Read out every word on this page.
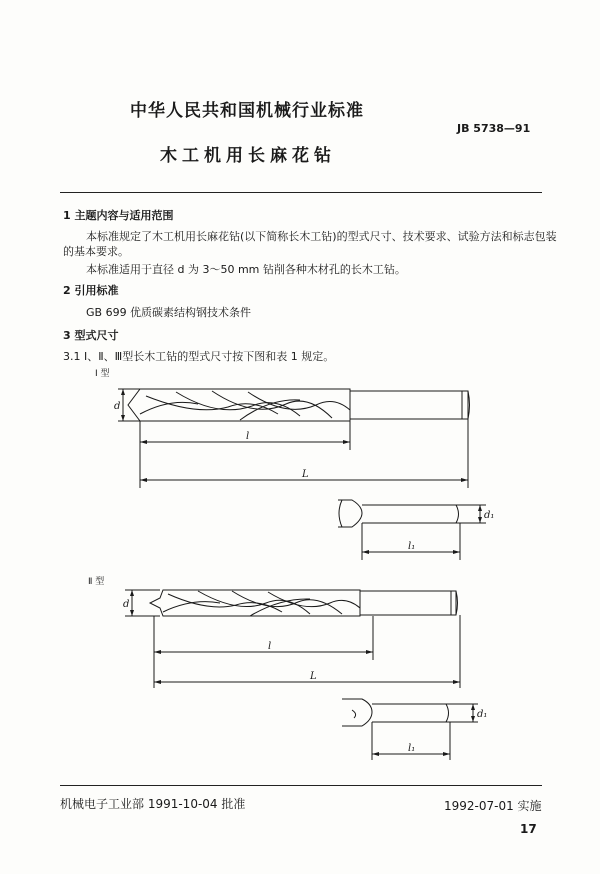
中华人民共和国机械行业标准
JB 5738—91
木工机用长麻花钻
1 主题内容与适用范围
本标准规定了木工机用长麻花钻(以下简称长木工钻)的型式尺寸、技术要求、试验方法和标志包装
的基本要求。
本标准适用于直径 d 为 3～50 mm 钻削各种木材孔的长木工钻。
2 引用标准
GB 699 优质碳素结构钢技术条件
3 型式尺寸
3.1 Ⅰ、Ⅱ、Ⅲ型长木工钻的型式尺寸按下图和表 1 规定。
Ⅰ 型
Ⅱ 型
d
l
L
d₁
l₁
d
l
L
d₁
l₁
机械电子工业部 1991-10-04 批准	1992-07-01 实施
17
